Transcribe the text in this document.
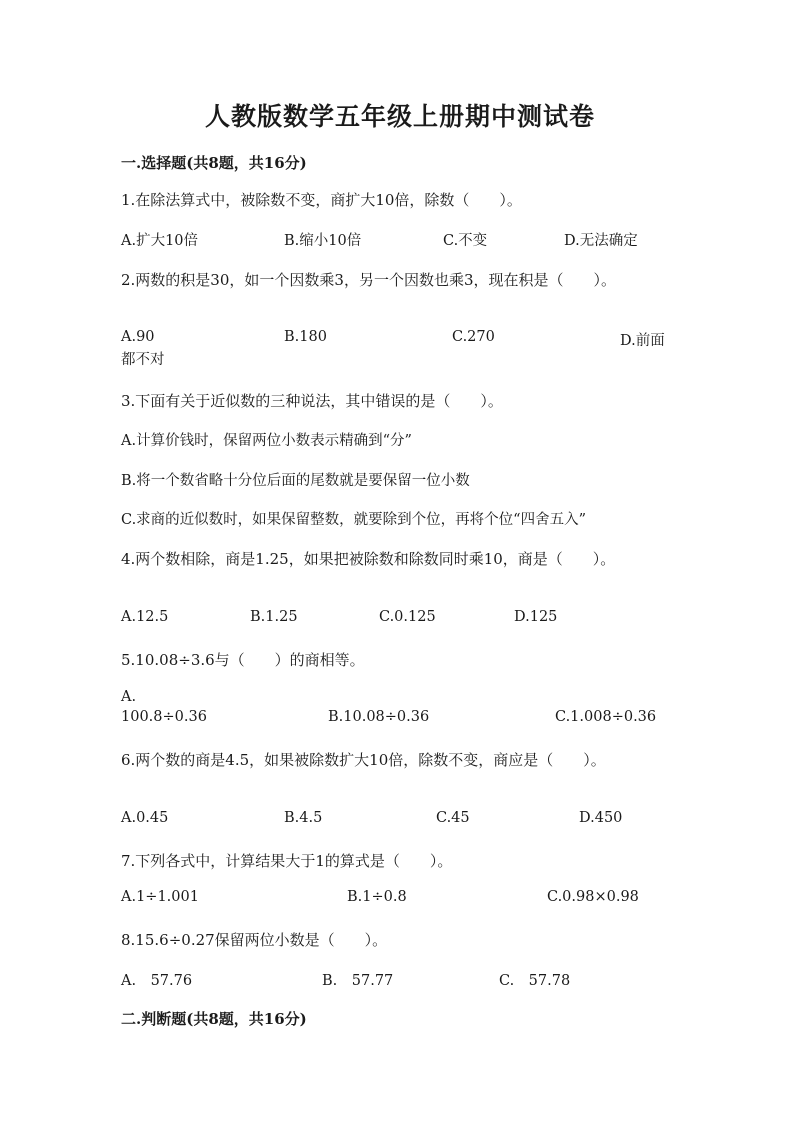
人教版数学五年级上册期中测试卷
一.选择题(共8题，共16分)
1.在除法算式中，被除数不变，商扩大10倍，除数（　　）。
A.扩大10倍	B.缩小10倍	C.不变	D.无法确定
2.两数的积是30，如一个因数乘3，另一个因数也乘3，现在积是（　　）。
A.90	B.180	C.270	D.前面
都不对
3.下面有关于近似数的三种说法，其中错误的是（　　）。
A.计算价钱时，保留两位小数表示精确到“分”
B.将一个数省略十分位后面的尾数就是要保留一位小数
C.求商的近似数时，如果保留整数，就要除到个位，再将个位“四舍五入”
4.两个数相除，商是1.25，如果把被除数和除数同时乘10，商是（　　）。
A.12.5	B.1.25	C.0.125	D.125
5.10.08÷3.6与（　　）的商相等。
A.
100.8÷0.36	B.10.08÷0.36	C.1.008÷0.36
6.两个数的商是4.5，如果被除数扩大10倍，除数不变，商应是（　　）。
A.0.45	B.4.5	C.45	D.450
7.下列各式中，计算结果大于1的算式是（　　）。
A.1÷1.001	B.1÷0.8	C.0.98×0.98
8.15.6÷0.27保留两位小数是（　　）。
A.　57.76	B.　57.77	C.　57.78
二.判断题(共8题，共16分)
